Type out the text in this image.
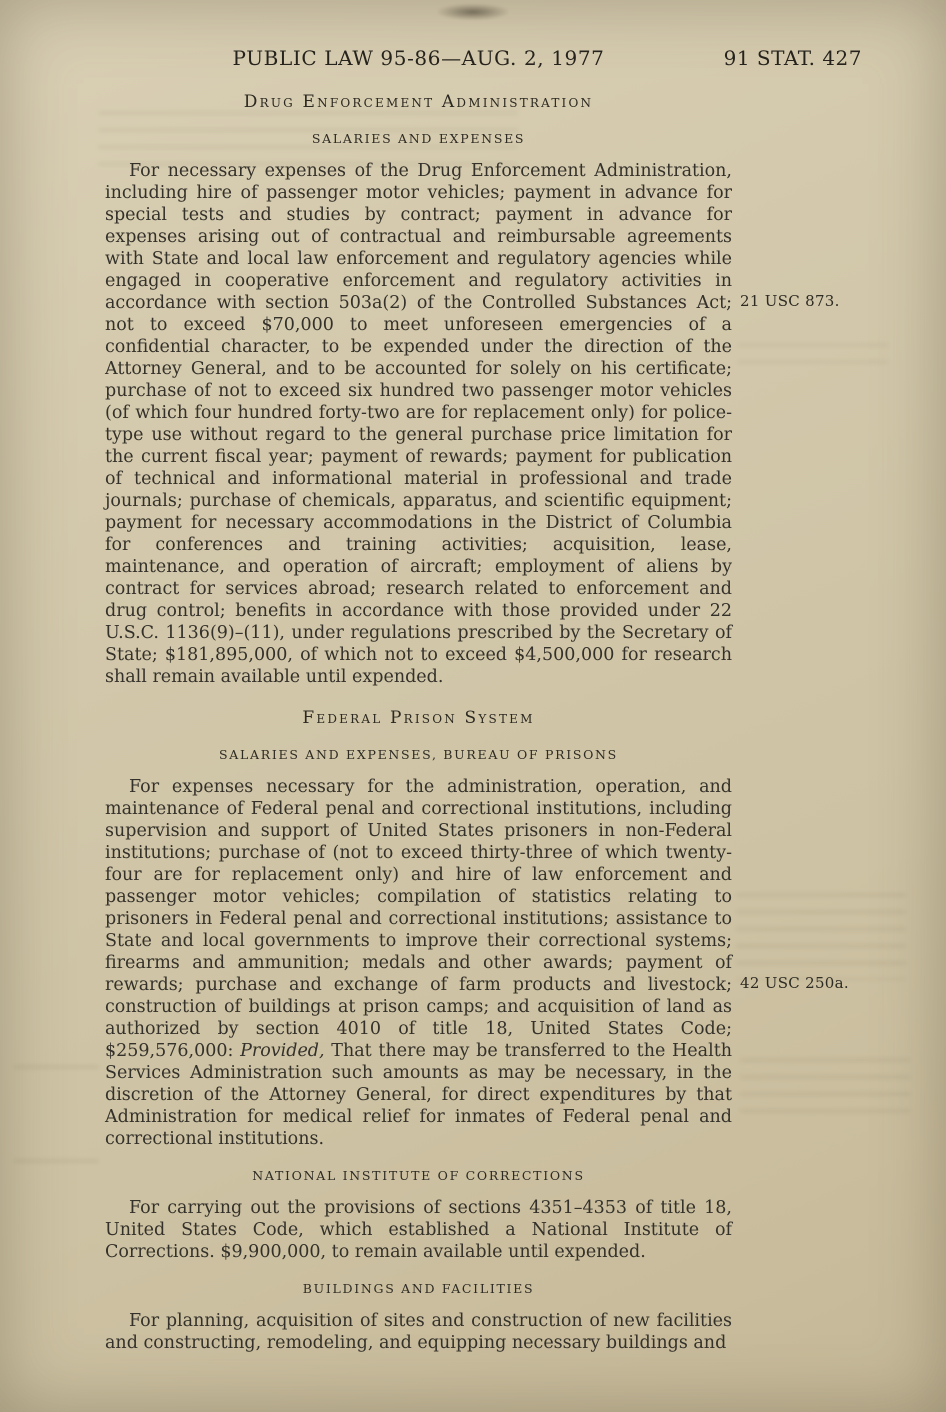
PUBLIC LAW 95-86—AUG. 2, 1977	91 STAT. 427
Drug Enforcement Administration
SALARIES AND EXPENSES

For necessary expenses of the Drug Enforcement Administration, including hire of passenger motor vehicles; payment in advance for special tests and studies by contract; payment in advance for expenses arising out of contractual and reimbursable agreements with State and local law enforcement and regulatory agencies while engaged in cooperative enforcement and regulatory activities in accordance with section 503a(2) of the Controlled Substances Act; not to exceed $70,000 to meet unforeseen emergencies of a confidential character, to be expended under the direction of the Attorney General, and to be accounted for solely on his certificate; purchase of not to exceed six hundred two passenger motor vehicles (of which four hundred forty-two are for replacement only) for police-type use without regard to the general purchase price limitation for the current fiscal year; payment of rewards; payment for publication of technical and informational material in professional and trade journals; purchase of chemicals, apparatus, and scientific equipment; payment for necessary accommodations in the District of Columbia for conferences and training activities; acquisition, lease, maintenance, and operation of aircraft; employment of aliens by contract for services abroad; research related to enforcement and drug control; benefits in accordance with those provided under 22 U.S.C. 1136(9)–(11), under regulations prescribed by the Secretary of State; $181,895,000, of which not to exceed $4,500,000 for research shall remain available until expended.

Federal Prison System
SALARIES AND EXPENSES, BUREAU OF PRISONS

For expenses necessary for the administration, operation, and maintenance of Federal penal and correctional institutions, including supervision and support of United States prisoners in non-Federal institutions; purchase of (not to exceed thirty-three of which twenty-four are for replacement only) and hire of law enforcement and passenger motor vehicles; compilation of statistics relating to prisoners in Federal penal and correctional institutions; assistance to State and local governments to improve their correctional systems; firearms and ammunition; medals and other awards; payment of rewards; purchase and exchange of farm products and livestock; construction of buildings at prison camps; and acquisition of land as authorized by section 4010 of title 18, United States Code; $259,576,000: Provided, That there may be transferred to the Health Services Administration such amounts as may be necessary, in the discretion of the Attorney General, for direct expenditures by that Administration for medical relief for inmates of Federal penal and correctional institutions.

NATIONAL INSTITUTE OF CORRECTIONS

For carrying out the provisions of sections 4351–4353 of title 18, United States Code, which established a National Institute of Corrections. $9,900,000, to remain available until expended.

BUILDINGS AND FACILITIES

For planning, acquisition of sites and construction of new facilities and constructing, remodeling, and equipping necessary buildings and

21 USC 873.
42 USC 250a.
